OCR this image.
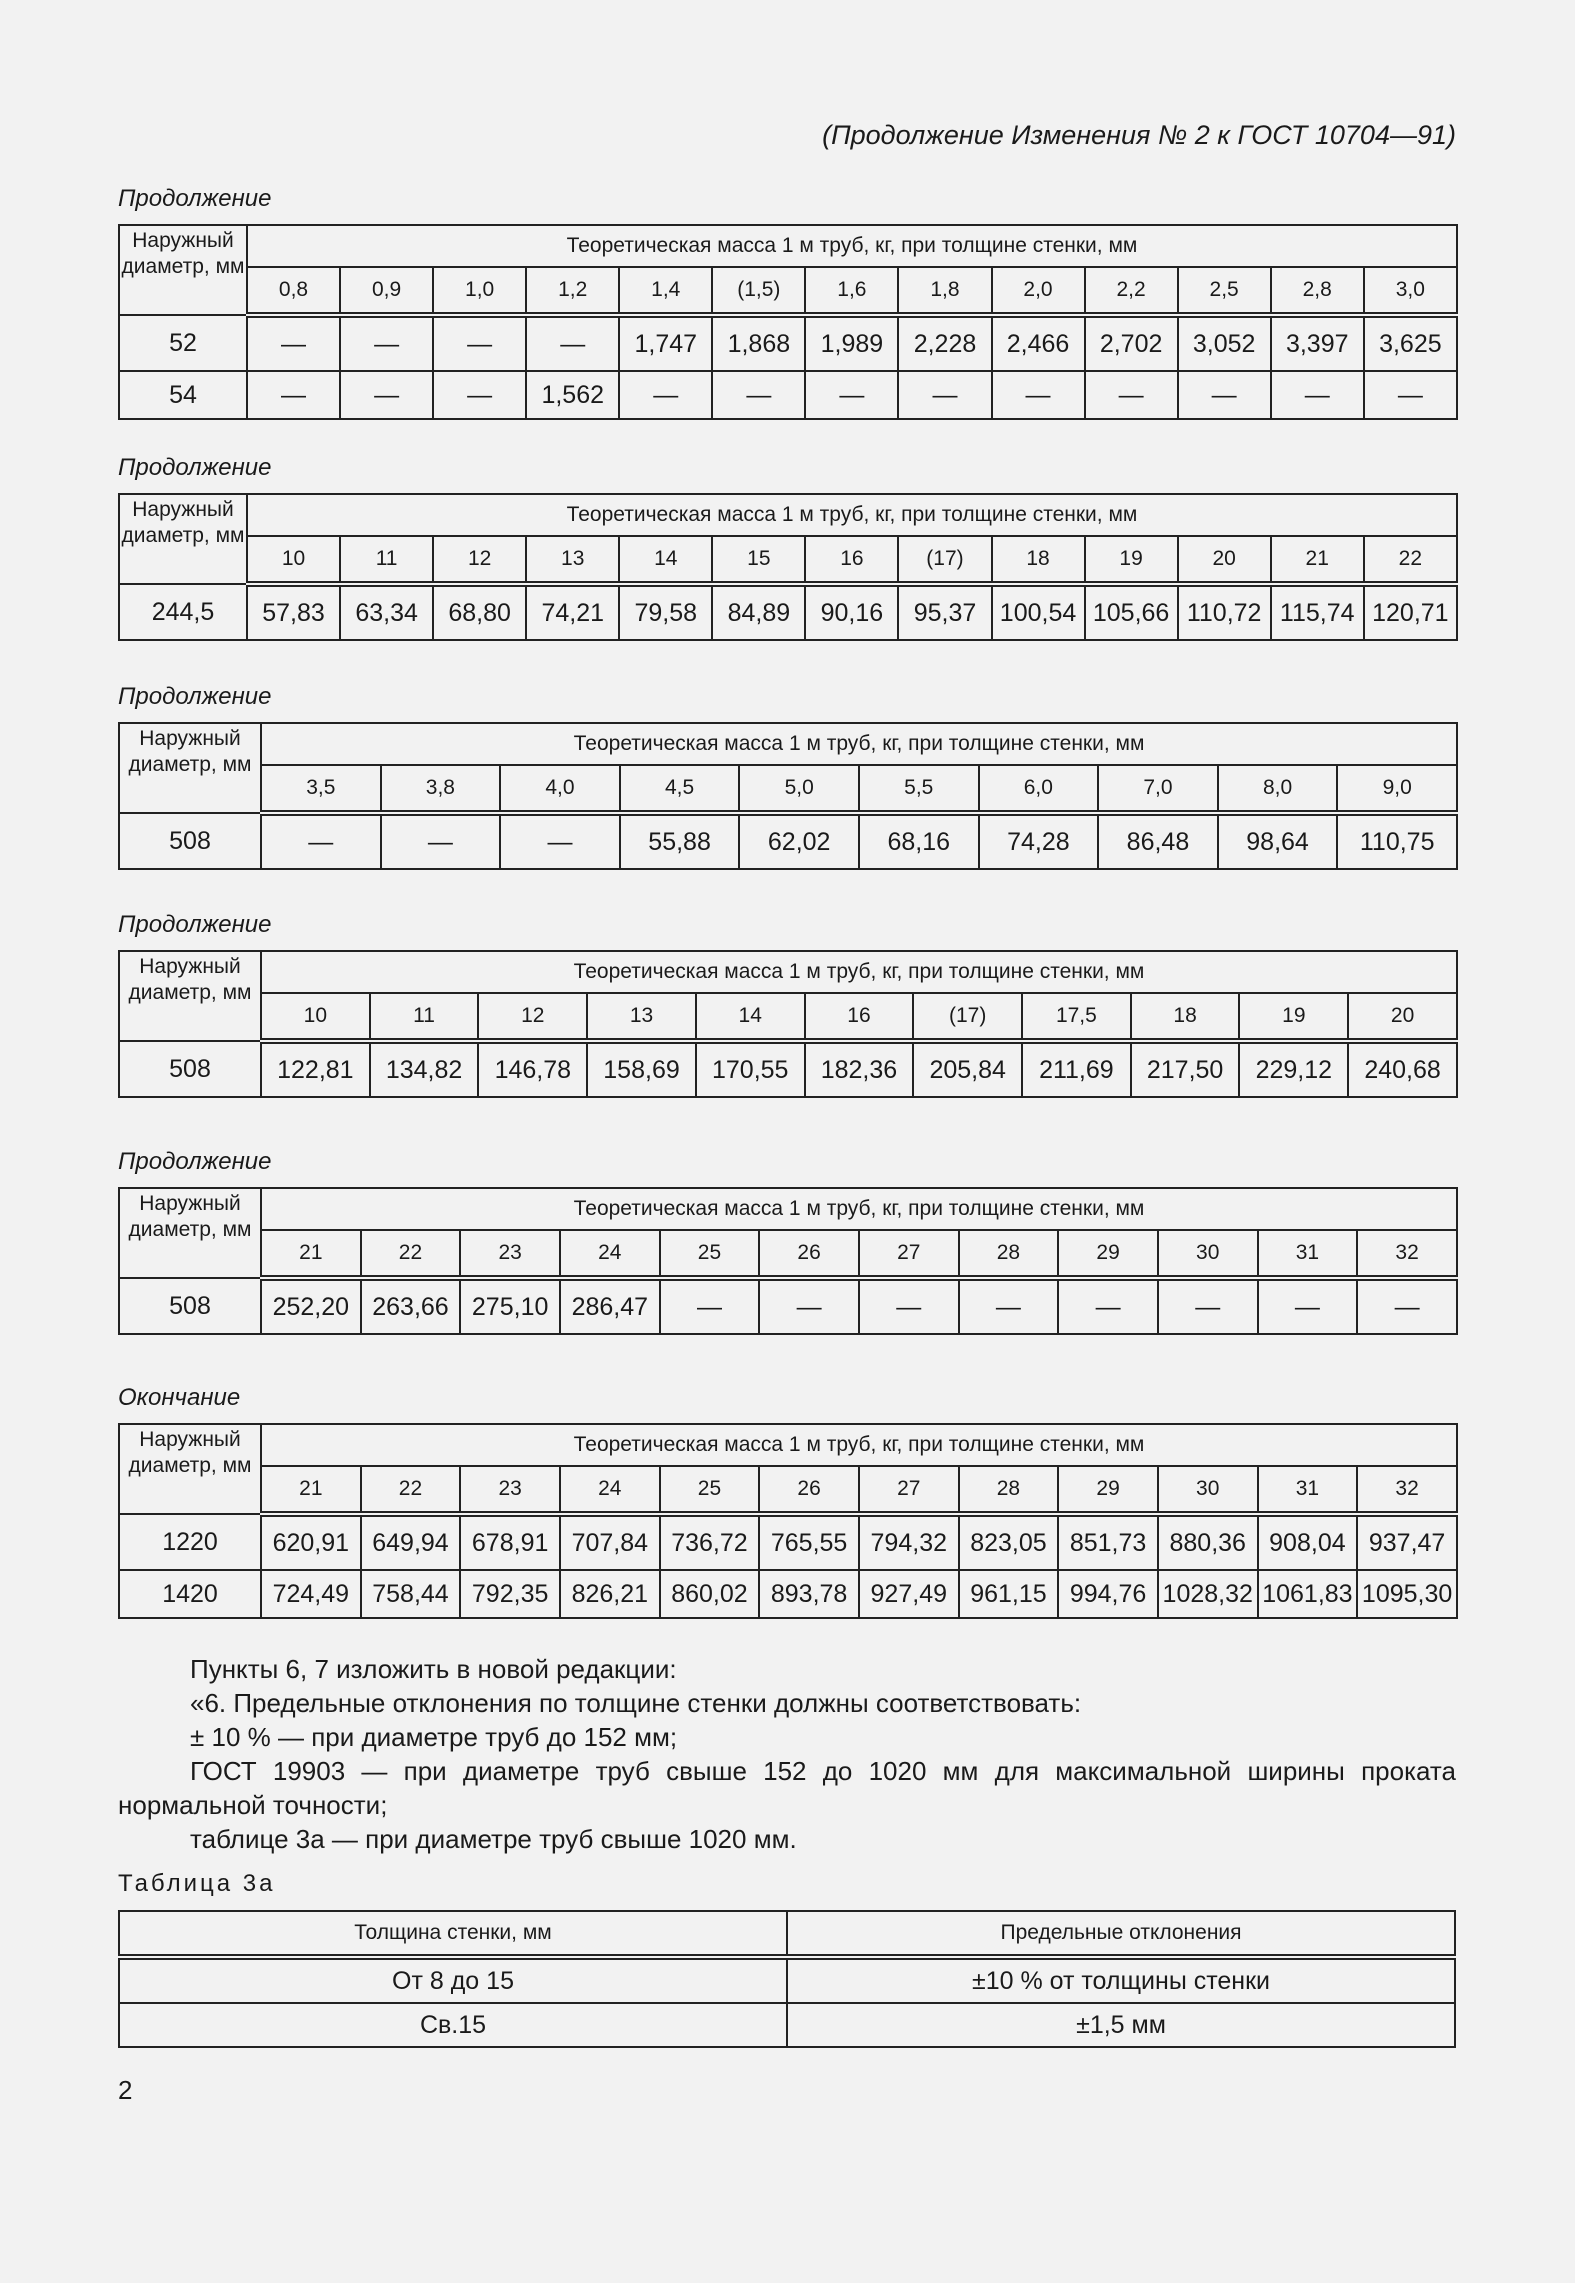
(Продолжение Изменения № 2 к ГОСТ 10704—91)
Продолжение
Наружный диаметр, мм	Теоретическая масса 1 м труб, кг, при толщине стенки, мм												
	0,8	0,9	1,0	1,2	1,4	(1,5)	1,6	1,8	2,0	2,2	2,5	2,8	3,0
52	—	—	—	—	1,747	1,868	1,989	2,228	2,466	2,702	3,052	3,397	3,625
54	—	—	—	1,562	—	—	—	—	—	—	—	—	—
Продолжение
Наружный диаметр, мм	Теоретическая масса 1 м труб, кг, при толщине стенки, мм												
	10	11	12	13	14	15	16	(17)	18	19	20	21	22
244,5	57,83	63,34	68,80	74,21	79,58	84,89	90,16	95,37	100,54	105,66	110,72	115,74	120,71
Продолжение
Наружный диаметр, мм	Теоретическая масса 1 м труб, кг, при толщине стенки, мм									
	3,5	3,8	4,0	4,5	5,0	5,5	6,0	7,0	8,0	9,0
508	—	—	—	55,88	62,02	68,16	74,28	86,48	98,64	110,75
Продолжение
Наружный диаметр, мм	Теоретическая масса 1 м труб, кг, при толщине стенки, мм										
	10	11	12	13	14	16	(17)	17,5	18	19	20
508	122,81	134,82	146,78	158,69	170,55	182,36	205,84	211,69	217,50	229,12	240,68
Продолжение
Наружный диаметр, мм	Теоретическая масса 1 м труб, кг, при толщине стенки, мм											
	21	22	23	24	25	26	27	28	29	30	31	32
508	252,20	263,66	275,10	286,47	—	—	—	—	—	—	—	—
Окончание
Наружный диаметр, мм	Теоретическая масса 1 м труб, кг, при толщине стенки, мм											
	21	22	23	24	25	26	27	28	29	30	31	32
1220	620,91	649,94	678,91	707,84	736,72	765,55	794,32	823,05	851,73	880,36	908,04	937,47
1420	724,49	758,44	792,35	826,21	860,02	893,78	927,49	961,15	994,76	1028,32	1061,83	1095,30

Пункты 6, 7 изложить в новой редакции:

«6. Предельные отклонения по толщине стенки должны соответствовать:

± 10 % — при диаметре труб до 152 мм;

ГОСТ 19903 — при диаметре труб свыше 152 до 1020 мм для максимальной ширины проката нормальной точности;

таблице 3а — при диаметре труб свыше 1020 мм.

Таблица 3а
Толщина стенки, мм	Предельные отклонения
От 8 до 15	±10 % от толщины стенки
Св.15	±1,5 мм
2
